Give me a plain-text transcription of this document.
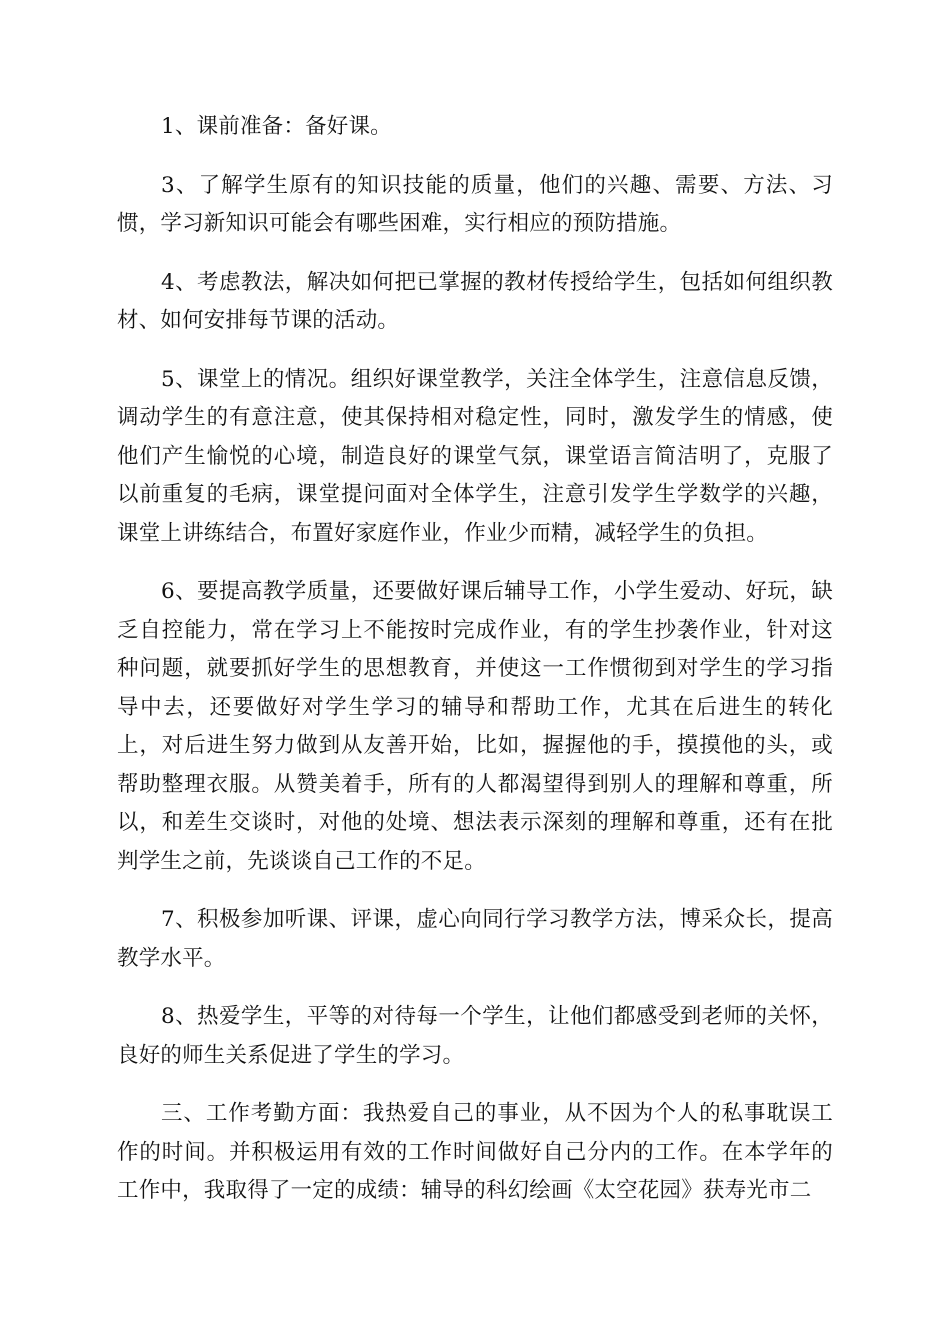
1、课前准备：备好课。

3、了解学生原有的知识技能的质量，他们的兴趣、需要、方法、习惯，学习新知识可能会有哪些困难，实行相应的预防措施。

4、考虑教法，解决如何把已掌握的教材传授给学生，包括如何组织教材、如何安排每节课的活动。

5、课堂上的情况。组织好课堂教学，关注全体学生，注意信息反馈，调动学生的有意注意，使其保持相对稳定性，同时，激发学生的情感，使他们产生愉悦的心境，制造良好的课堂气氛，课堂语言简洁明了，克服了以前重复的毛病，课堂提问面对全体学生，注意引发学生学数学的兴趣，课堂上讲练结合，布置好家庭作业，作业少而精，减轻学生的负担。

6、要提高教学质量，还要做好课后辅导工作，小学生爱动、好玩，缺乏自控能力，常在学习上不能按时完成作业，有的学生抄袭作业，针对这种问题，就要抓好学生的思想教育，并使这一工作惯彻到对学生的学习指导中去，还要做好对学生学习的辅导和帮助工作，尤其在后进生的转化上，对后进生努力做到从友善开始，比如，握握他的手，摸摸他的头，或帮助整理衣服。从赞美着手，所有的人都渴望得到别人的理解和尊重，所以，和差生交谈时，对他的处境、想法表示深刻的理解和尊重，还有在批判学生之前，先谈谈自己工作的不足。

7、积极参加听课、评课，虚心向同行学习教学方法，博采众长，提高教学水平。

8、热爱学生，平等的对待每一个学生，让他们都感受到老师的关怀，良好的师生关系促进了学生的学习。

三、工作考勤方面：我热爱自己的事业，从不因为个人的私事耽误工作的时间。并积极运用有效的工作时间做好自己分内的工作。在本学年的工作中，我取得了一定的成绩：辅导的科幻绘画《太空花园》获寿光市二
